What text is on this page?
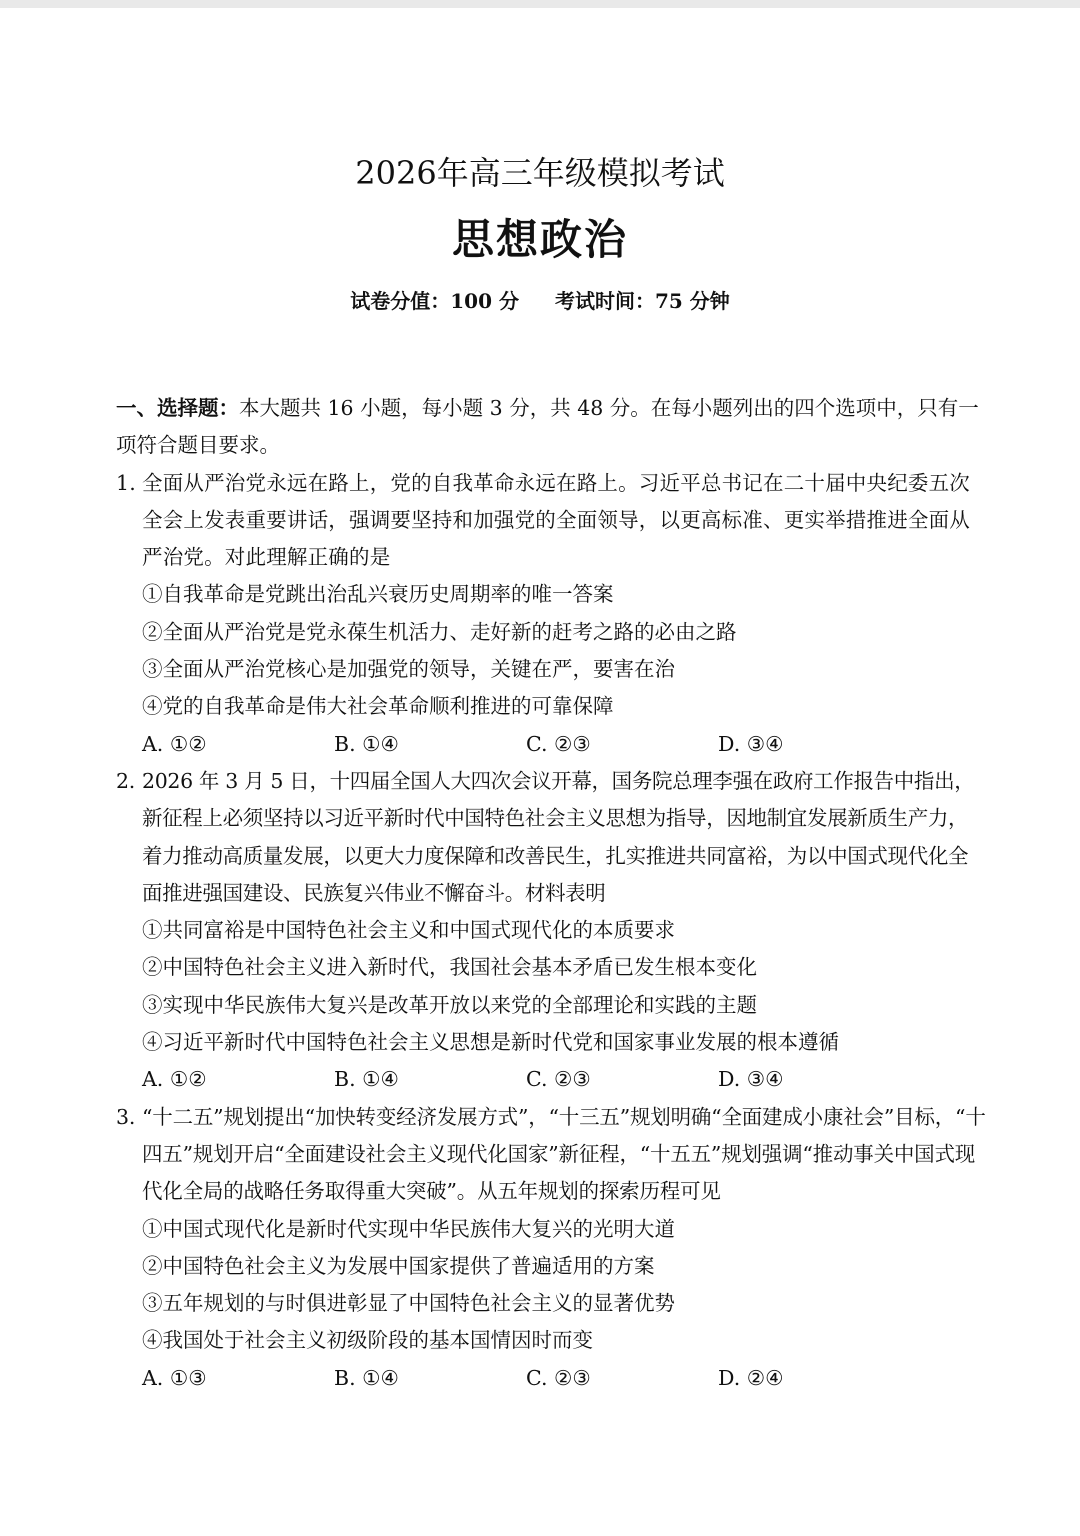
2026年高三年级模拟考试
思想政治
试卷分值：100 分 考试时间：75 分钟

一、选择题：本大题共 16 小题，每小题 3 分，共 48 分。在每小题列出的四个选项中，只有一项符合题目要求。

1. 全面从严治党永远在路上，党的自我革命永远在路上。习近平总书记在二十届中央纪委五次全会上发表重要讲话，强调要坚持和加强党的全面领导，以更高标准、更实举措推进全面从严治党。对此理解正确的是

①自我革命是党跳出治乱兴衰历史周期率的唯一答案

②全面从严治党是党永葆生机活力、走好新的赶考之路的必由之路

③全面从严治党核心是加强党的领导，关键在严，要害在治

④党的自我革命是伟大社会革命顺利推进的可靠保障

A. ①②	B. ①④	C. ②③	D. ③④

2. 2026 年 3 月 5 日，十四届全国人大四次会议开幕，国务院总理李强在政府工作报告中指出，新征程上必须坚持以习近平新时代中国特色社会主义思想为指导，因地制宜发展新质生产力，着力推动高质量发展，以更大力度保障和改善民生，扎实推进共同富裕，为以中国式现代化全面推进强国建设、民族复兴伟业不懈奋斗。材料表明

①共同富裕是中国特色社会主义和中国式现代化的本质要求

②中国特色社会主义进入新时代，我国社会基本矛盾已发生根本变化

③实现中华民族伟大复兴是改革开放以来党的全部理论和实践的主题

④习近平新时代中国特色社会主义思想是新时代党和国家事业发展的根本遵循

A. ①②	B. ①④	C. ②③	D. ③④

3. “十二五”规划提出“加快转变经济发展方式”，“十三五”规划明确“全面建成小康社会”目标，“十四五”规划开启“全面建设社会主义现代化国家”新征程，“十五五”规划强调“推动事关中国式现代化全局的战略任务取得重大突破”。从五年规划的探索历程可见

①中国式现代化是新时代实现中华民族伟大复兴的光明大道

②中国特色社会主义为发展中国家提供了普遍适用的方案

③五年规划的与时俱进彰显了中国特色社会主义的显著优势

④我国处于社会主义初级阶段的基本国情因时而变

A. ①③	B. ①④	C. ②③	D. ②④
